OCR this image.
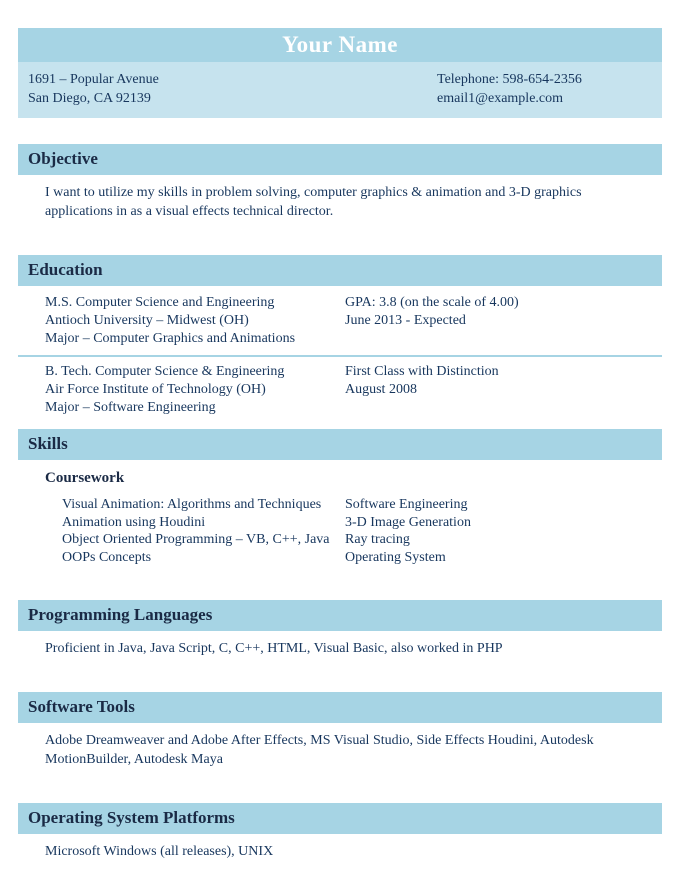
Your Name
1691 – Popular Avenue
San Diego, CA 92139
Telephone: 598-654-2356
email1@example.com
Objective
I want to utilize my skills in problem solving, computer graphics & animation and 3-D graphics applications in as a visual effects technical director.
Education
M.S. Computer Science and Engineering
Antioch University – Midwest (OH)
Major – Computer Graphics and Animations
GPA: 3.8 (on the scale of 4.00)
June 2013 - Expected
B. Tech. Computer Science & Engineering
Air Force Institute of Technology (OH)
Major – Software Engineering
First Class with Distinction
August 2008
Skills
Coursework
Visual Animation: Algorithms and Techniques
Animation using Houdini
Object Oriented Programming – VB, C++, Java
OOPs Concepts
Software Engineering
3-D Image Generation
Ray tracing
Operating System
Programming Languages
Proficient in Java, Java Script, C, C++, HTML, Visual Basic, also worked in PHP
Software Tools
Adobe Dreamweaver and Adobe After Effects, MS Visual Studio, Side Effects Houdini, Autodesk MotionBuilder, Autodesk Maya
Operating System Platforms
Microsoft Windows (all releases), UNIX
